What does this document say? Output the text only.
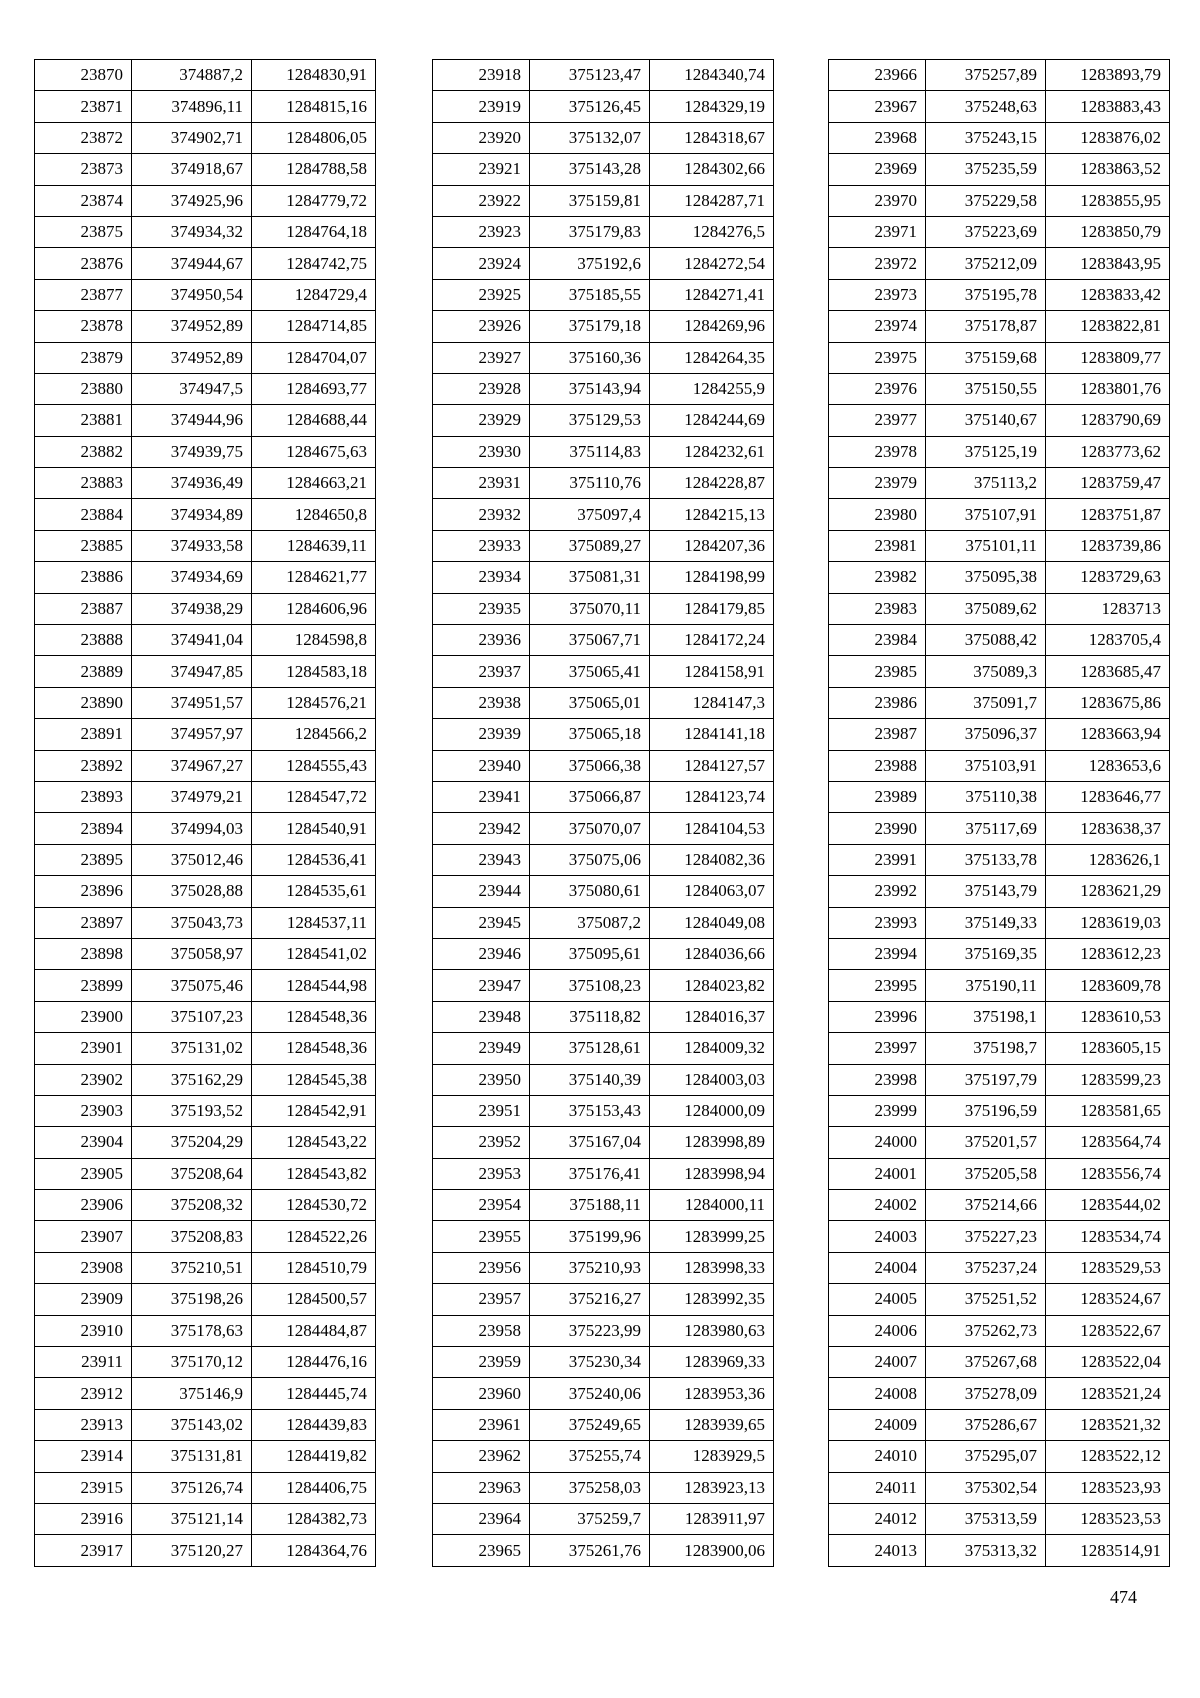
23870	374887,2	1284830,91
23871	374896,11	1284815,16
23872	374902,71	1284806,05
23873	374918,67	1284788,58
23874	374925,96	1284779,72
23875	374934,32	1284764,18
23876	374944,67	1284742,75
23877	374950,54	1284729,4
23878	374952,89	1284714,85
23879	374952,89	1284704,07
23880	374947,5	1284693,77
23881	374944,96	1284688,44
23882	374939,75	1284675,63
23883	374936,49	1284663,21
23884	374934,89	1284650,8
23885	374933,58	1284639,11
23886	374934,69	1284621,77
23887	374938,29	1284606,96
23888	374941,04	1284598,8
23889	374947,85	1284583,18
23890	374951,57	1284576,21
23891	374957,97	1284566,2
23892	374967,27	1284555,43
23893	374979,21	1284547,72
23894	374994,03	1284540,91
23895	375012,46	1284536,41
23896	375028,88	1284535,61
23897	375043,73	1284537,11
23898	375058,97	1284541,02
23899	375075,46	1284544,98
23900	375107,23	1284548,36
23901	375131,02	1284548,36
23902	375162,29	1284545,38
23903	375193,52	1284542,91
23904	375204,29	1284543,22
23905	375208,64	1284543,82
23906	375208,32	1284530,72
23907	375208,83	1284522,26
23908	375210,51	1284510,79
23909	375198,26	1284500,57
23910	375178,63	1284484,87
23911	375170,12	1284476,16
23912	375146,9	1284445,74
23913	375143,02	1284439,83
23914	375131,81	1284419,82
23915	375126,74	1284406,75
23916	375121,14	1284382,73
23917	375120,27	1284364,76
23918	375123,47	1284340,74
23919	375126,45	1284329,19
23920	375132,07	1284318,67
23921	375143,28	1284302,66
23922	375159,81	1284287,71
23923	375179,83	1284276,5
23924	375192,6	1284272,54
23925	375185,55	1284271,41
23926	375179,18	1284269,96
23927	375160,36	1284264,35
23928	375143,94	1284255,9
23929	375129,53	1284244,69
23930	375114,83	1284232,61
23931	375110,76	1284228,87
23932	375097,4	1284215,13
23933	375089,27	1284207,36
23934	375081,31	1284198,99
23935	375070,11	1284179,85
23936	375067,71	1284172,24
23937	375065,41	1284158,91
23938	375065,01	1284147,3
23939	375065,18	1284141,18
23940	375066,38	1284127,57
23941	375066,87	1284123,74
23942	375070,07	1284104,53
23943	375075,06	1284082,36
23944	375080,61	1284063,07
23945	375087,2	1284049,08
23946	375095,61	1284036,66
23947	375108,23	1284023,82
23948	375118,82	1284016,37
23949	375128,61	1284009,32
23950	375140,39	1284003,03
23951	375153,43	1284000,09
23952	375167,04	1283998,89
23953	375176,41	1283998,94
23954	375188,11	1284000,11
23955	375199,96	1283999,25
23956	375210,93	1283998,33
23957	375216,27	1283992,35
23958	375223,99	1283980,63
23959	375230,34	1283969,33
23960	375240,06	1283953,36
23961	375249,65	1283939,65
23962	375255,74	1283929,5
23963	375258,03	1283923,13
23964	375259,7	1283911,97
23965	375261,76	1283900,06
23966	375257,89	1283893,79
23967	375248,63	1283883,43
23968	375243,15	1283876,02
23969	375235,59	1283863,52
23970	375229,58	1283855,95
23971	375223,69	1283850,79
23972	375212,09	1283843,95
23973	375195,78	1283833,42
23974	375178,87	1283822,81
23975	375159,68	1283809,77
23976	375150,55	1283801,76
23977	375140,67	1283790,69
23978	375125,19	1283773,62
23979	375113,2	1283759,47
23980	375107,91	1283751,87
23981	375101,11	1283739,86
23982	375095,38	1283729,63
23983	375089,62	1283713
23984	375088,42	1283705,4
23985	375089,3	1283685,47
23986	375091,7	1283675,86
23987	375096,37	1283663,94
23988	375103,91	1283653,6
23989	375110,38	1283646,77
23990	375117,69	1283638,37
23991	375133,78	1283626,1
23992	375143,79	1283621,29
23993	375149,33	1283619,03
23994	375169,35	1283612,23
23995	375190,11	1283609,78
23996	375198,1	1283610,53
23997	375198,7	1283605,15
23998	375197,79	1283599,23
23999	375196,59	1283581,65
24000	375201,57	1283564,74
24001	375205,58	1283556,74
24002	375214,66	1283544,02
24003	375227,23	1283534,74
24004	375237,24	1283529,53
24005	375251,52	1283524,67
24006	375262,73	1283522,67
24007	375267,68	1283522,04
24008	375278,09	1283521,24
24009	375286,67	1283521,32
24010	375295,07	1283522,12
24011	375302,54	1283523,93
24012	375313,59	1283523,53
24013	375313,32	1283514,91
474
